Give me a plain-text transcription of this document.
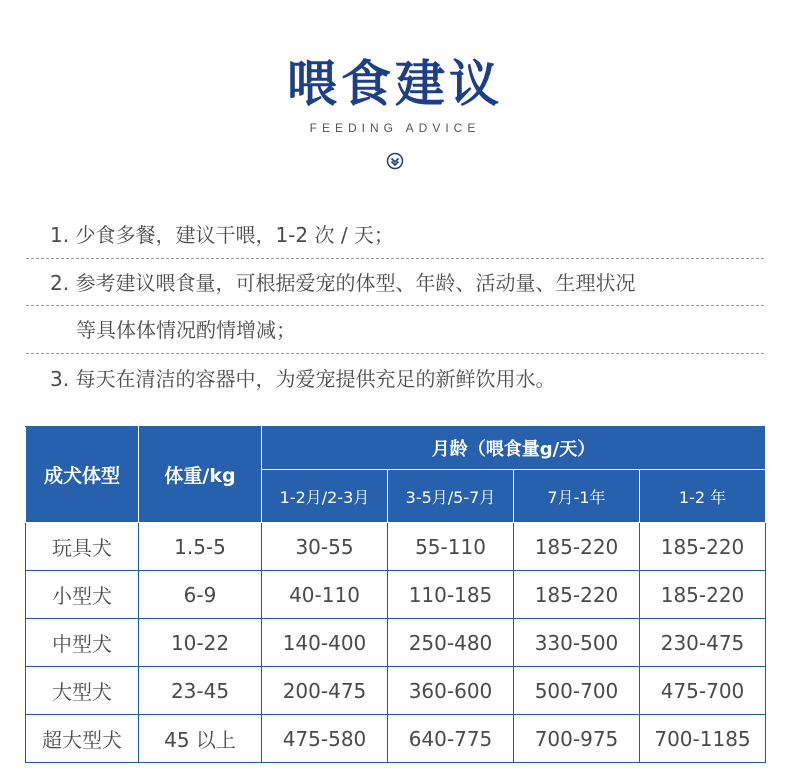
喂食建议
FEEDING ADVICE
1. 少食多餐，建议干喂，1-2 次 / 天；
2. 参考建议喂食量，可根据爱宠的体型、年龄、活动量、生理状况
等具体体情况酌情增减；
3. 每天在清洁的容器中，为爱宠提供充足的新鲜饮用水。
成犬体型	体重/kg	月龄（喂食量g/天）			
		1-2月/2-3月	3-5月/5-7月	7月-1年	1-2 年
玩具犬	1.5-5	30-55	55-110	185-220	185-220
小型犬	6-9	40-110	110-185	185-220	185-220
中型犬	10-22	140-400	250-480	330-500	230-475
大型犬	23-45	200-475	360-600	500-700	475-700
超大型犬	45 以上	475-580	640-775	700-975	700-1185
